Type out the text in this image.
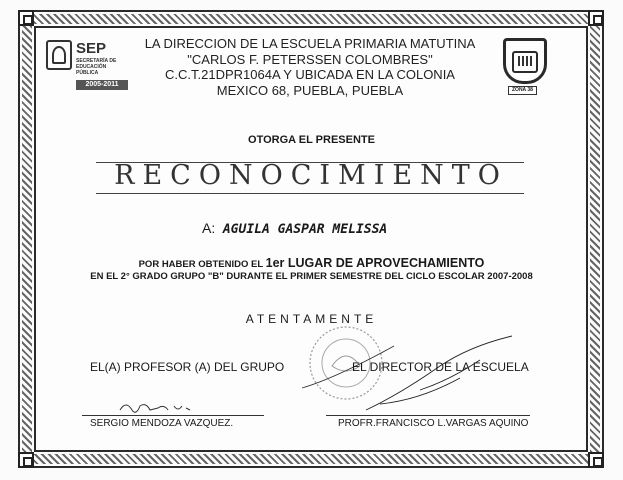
SEP
SECRETARÍA DE EDUCACIÓN PÚBLICA
2005-2011
ZONA 38
LA DIRECCION DE LA ESCUELA PRIMARIA MATUTINA
"CARLOS F. PETERSSEN COLOMBRES"
C.C.T.21DPR1064A Y UBICADA EN LA COLONIA
MEXICO 68, PUEBLA, PUEBLA
OTORGA EL PRESENTE
RECONOCIMIENTO
A: AGUILA GASPAR MELISSA
POR HABER OBTENIDO EL 1er LUGAR DE APROVECHAMIENTO
EN EL 2° GRADO GRUPO "B" DURANTE EL PRIMER SEMESTRE DEL CICLO ESCOLAR 2007-2008
ATENTAMENTE
EL(A) PROFESOR (A) DEL GRUPO	EL DIRECTOR DE LA ESCUELA
SERGIO MENDOZA VAZQUEZ.	PROFR.FRANCISCO L.VARGAS AQUINO
